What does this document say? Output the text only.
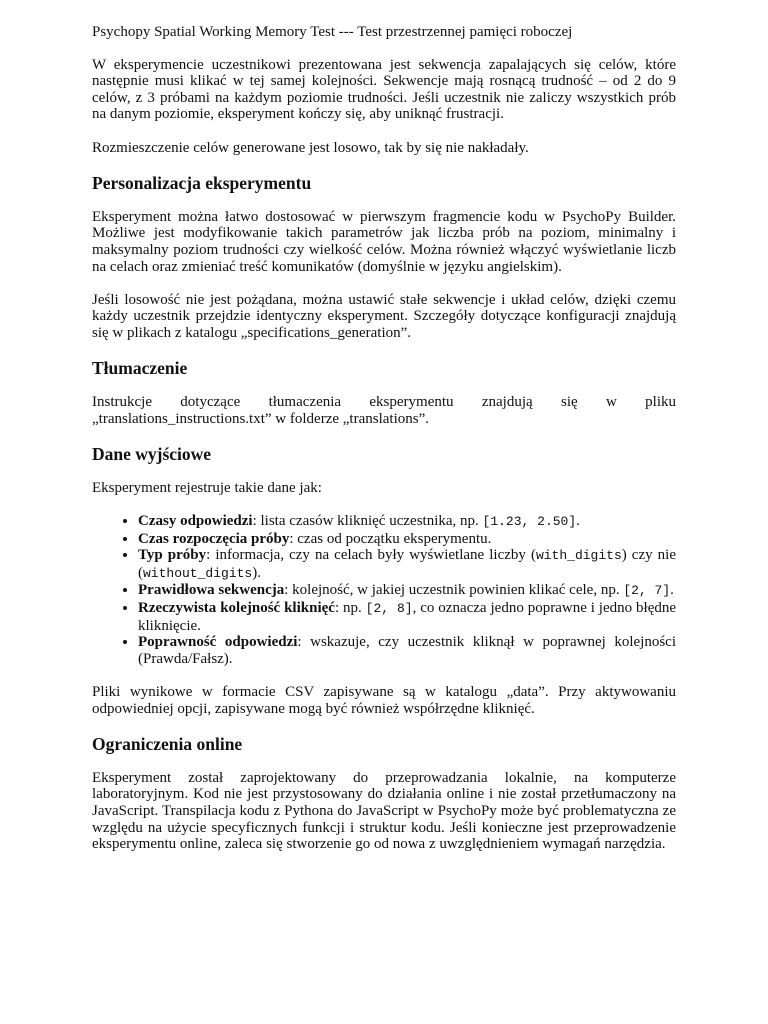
Psychopy Spatial Working Memory Test --- Test przestrzennej pamięci roboczej

W eksperymencie uczestnikowi prezentowana jest sekwencja zapalających się celów, które następnie musi klikać w tej samej kolejności. Sekwencje mają rosnącą trudność – od 2 do 9 celów, z 3 próbami na każdym poziomie trudności. Jeśli uczestnik nie zaliczy wszystkich prób na danym poziomie, eksperyment kończy się, aby uniknąć frustracji.

Rozmieszczenie celów generowane jest losowo, tak by się nie nakładały.

Personalizacja eksperymentu

Eksperyment można łatwo dostosować w pierwszym fragmencie kodu w PsychoPy Builder. Możliwe jest modyfikowanie takich parametrów jak liczba prób na poziom, minimalny i maksymalny poziom trudności czy wielkość celów. Można również włączyć wyświetlanie liczb na celach oraz zmieniać treść komunikatów (domyślnie w języku angielskim).

Jeśli losowość nie jest pożądana, można ustawić stałe sekwencje i układ celów, dzięki czemu każdy uczestnik przejdzie identyczny eksperyment. Szczegóły dotyczące konfiguracji znajdują się w plikach z katalogu „specifications_generation”.

Tłumaczenie

Instrukcje dotyczące tłumaczenia eksperymentu znajdują się w pliku „translations_instructions.txt” w folderze „translations”.

Dane wyjściowe

Eksperyment rejestruje takie dane jak:

• Czasy odpowiedzi: lista czasów kliknięć uczestnika, np. [1.23, 2.50].
• Czas rozpoczęcia próby: czas od początku eksperymentu.
• Typ próby: informacja, czy na celach były wyświetlane liczby (with_digits) czy nie (without_digits).
• Prawidłowa sekwencja: kolejność, w jakiej uczestnik powinien klikać cele, np. [2, 7].
• Rzeczywista kolejność kliknięć: np. [2, 8], co oznacza jedno poprawne i jedno błędne kliknięcie.
• Poprawność odpowiedzi: wskazuje, czy uczestnik kliknął w poprawnej kolejności (Prawda/Fałsz).

Pliki wynikowe w formacie CSV zapisywane są w katalogu „data”. Przy aktywowaniu odpowiedniej opcji, zapisywane mogą być również współrzędne kliknięć.

Ograniczenia online

Eksperyment został zaprojektowany do przeprowadzania lokalnie, na komputerze laboratoryjnym. Kod nie jest przystosowany do działania online i nie został przetłumaczony na JavaScript. Transpilacja kodu z Pythona do JavaScript w PsychoPy może być problematyczna ze względu na użycie specyficznych funkcji i struktur kodu. Jeśli konieczne jest przeprowadzenie eksperymentu online, zaleca się stworzenie go od nowa z uwzględnieniem wymagań narzędzia.
